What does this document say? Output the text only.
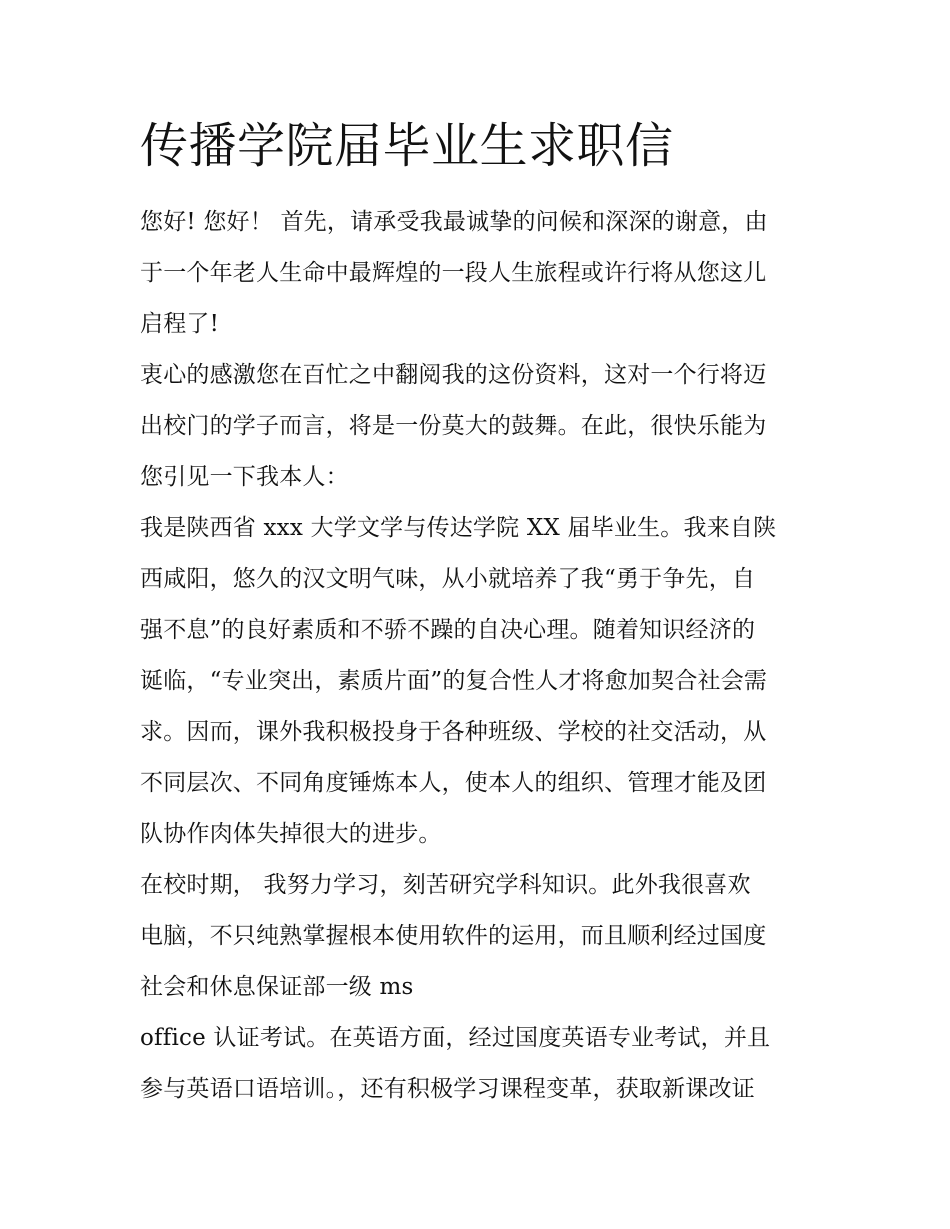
传播学院届毕业生求职信

您好! 您好！ 首先，请承受我最诚挚的问候和深深的谢意，由

于一个年老人生命中最辉煌的一段人生旅程或许行将从您这儿

启程了!

衷心的感激您在百忙之中翻阅我的这份资料，这对一个行将迈

出校门的学子而言，将是一份莫大的鼓舞。在此，很快乐能为

您引见一下我本人：

我是陕西省 xxx 大学文学与传达学院 XX 届毕业生。我来自陕

西咸阳，悠久的汉文明气味，从小就培养了我“勇于争先，自

强不息”的良好素质和不骄不躁的自决心理。随着知识经济的

诞临，“专业突出，素质片面”的复合性人才将愈加契合社会需

求。因而，课外我积极投身于各种班级、学校的社交活动，从

不同层次、不同角度锤炼本人，使本人的组织、管理才能及团

队协作肉体失掉很大的进步。

在校时期， 我努力学习，刻苦研究学科知识。此外我很喜欢

电脑，不只纯熟掌握根本使用软件的运用，而且顺利经过国度

社会和休息保证部一级 ms

office 认证考试。在英语方面，经过国度英语专业考试，并且

参与英语口语培训。，还有积极学习课程变革，获取新课改证
